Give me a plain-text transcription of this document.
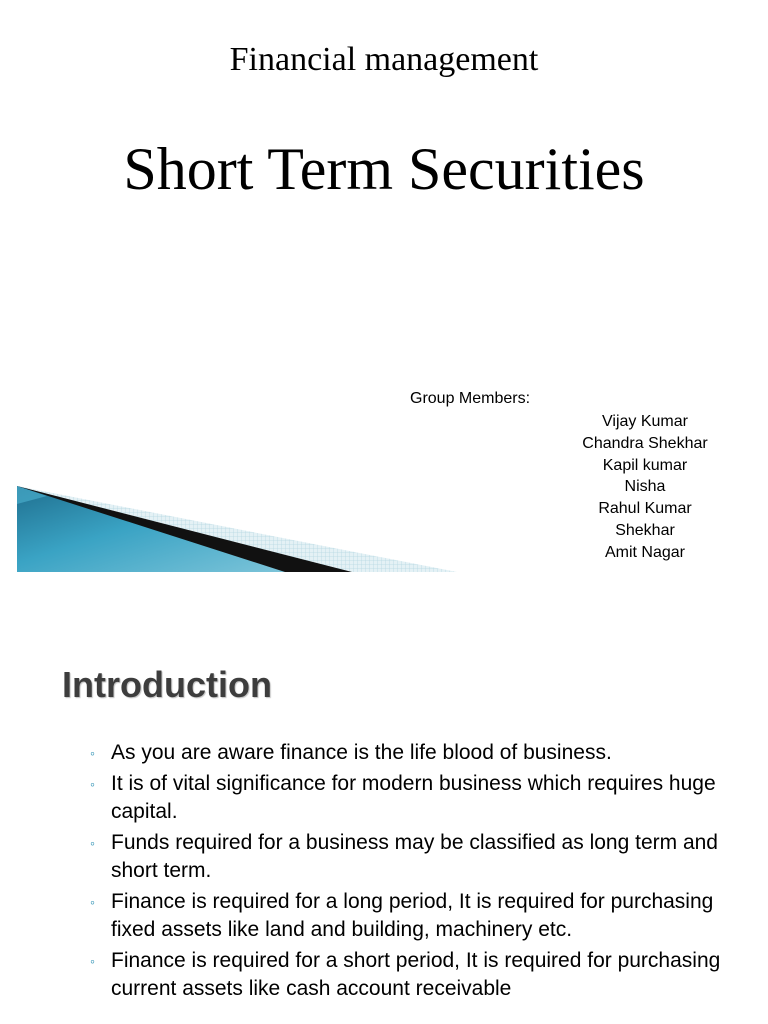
Financial management
Short Term Securities
Group Members:
Vijay Kumar
Chandra Shekhar
Kapil kumar
Nisha
Rahul Kumar
Shekhar
Amit Nagar
Introduction
◦ As you are aware finance is the life blood of business.
◦ It is of vital significance for modern business which requires huge capital.
◦ Funds required for a business may be classified as long term and short term.
◦ Finance is required for a long period, It is required for purchasing fixed assets like land and building, machinery etc.
◦ Finance is required for a short period, It is required for purchasing current assets like cash account receivable
